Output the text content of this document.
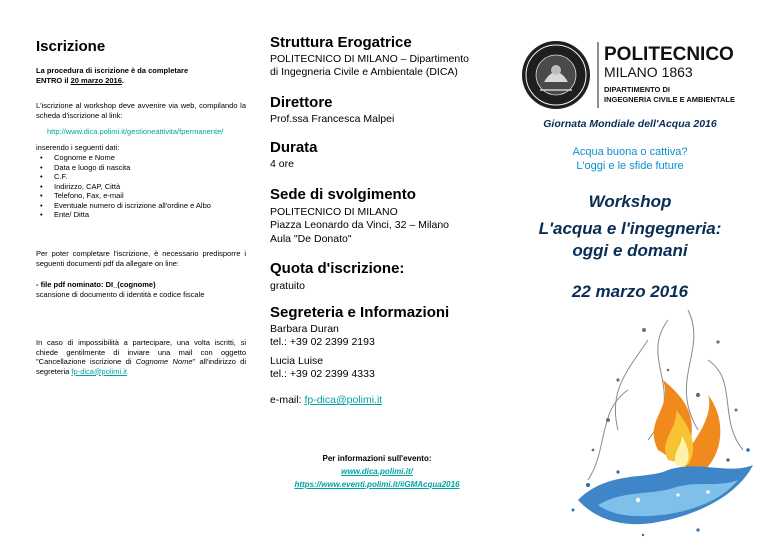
Iscrizione
La procedura di iscrizione è da completare
ENTRO il 20 marzo 2016.
L'iscrizione al workshop deve avvenire via web, compilando la scheda d'iscrizione al link:
http://www.dica.polimi.it/gestioneattivita/fpermanente/
inserendo i seguenti dati:
• Cognome e Nome
• Data e luogo di nascita
• C.F.
• Indirizzo, CAP, Città
• Telefono, Fax, e-mail
• Eventuale numero di iscrizione all'ordine e Albo
• Ente/ Ditta
Per poter completare l'iscrizione, è necessario predisporre i seguenti documenti pdf da allegare on line:
- file pdf nominato: DI_(cognome)
scansione di documento di identità e codice fiscale
In caso di impossibilità a partecipare, una volta iscritti, si chiede gentilmente di inviare una mail con oggetto "Cancellazione iscrizione di Cognome Nome" all'indirizzo di segreteria fp-dica@polimi.it
Struttura Erogatrice
POLITECNICO DI MILANO – Dipartimento
di Ingegneria Civile e Ambientale (DICA)
Direttore
Prof.ssa Francesca Malpei
Durata
4 ore
Sede di svolgimento
POLITECNICO DI MILANO
Piazza Leonardo da Vinci, 32 – Milano
Aula "De Donato"
Quota d'iscrizione:
gratuito
Segreteria e Informazioni
Barbara Duran
tel.: +39 02 2399 2193
Lucia Luise
tel.: +39 02 2399 4333
e-mail: fp-dica@polimi.it
Per informazioni sull'evento:
www.dica.polimi.it/
https://www.eventi.polimi.it/#GMAcqua2016
POLITECNICO
MILANO 1863
DIPARTIMENTO DI
INGEGNERIA CIVILE E AMBIENTALE
Giornata Mondiale dell'Acqua 2016
Acqua buona o cattiva?
L'oggi e le sfide future
Workshop
L'acqua e l'ingegneria:
oggi e domani
22 marzo 2016
